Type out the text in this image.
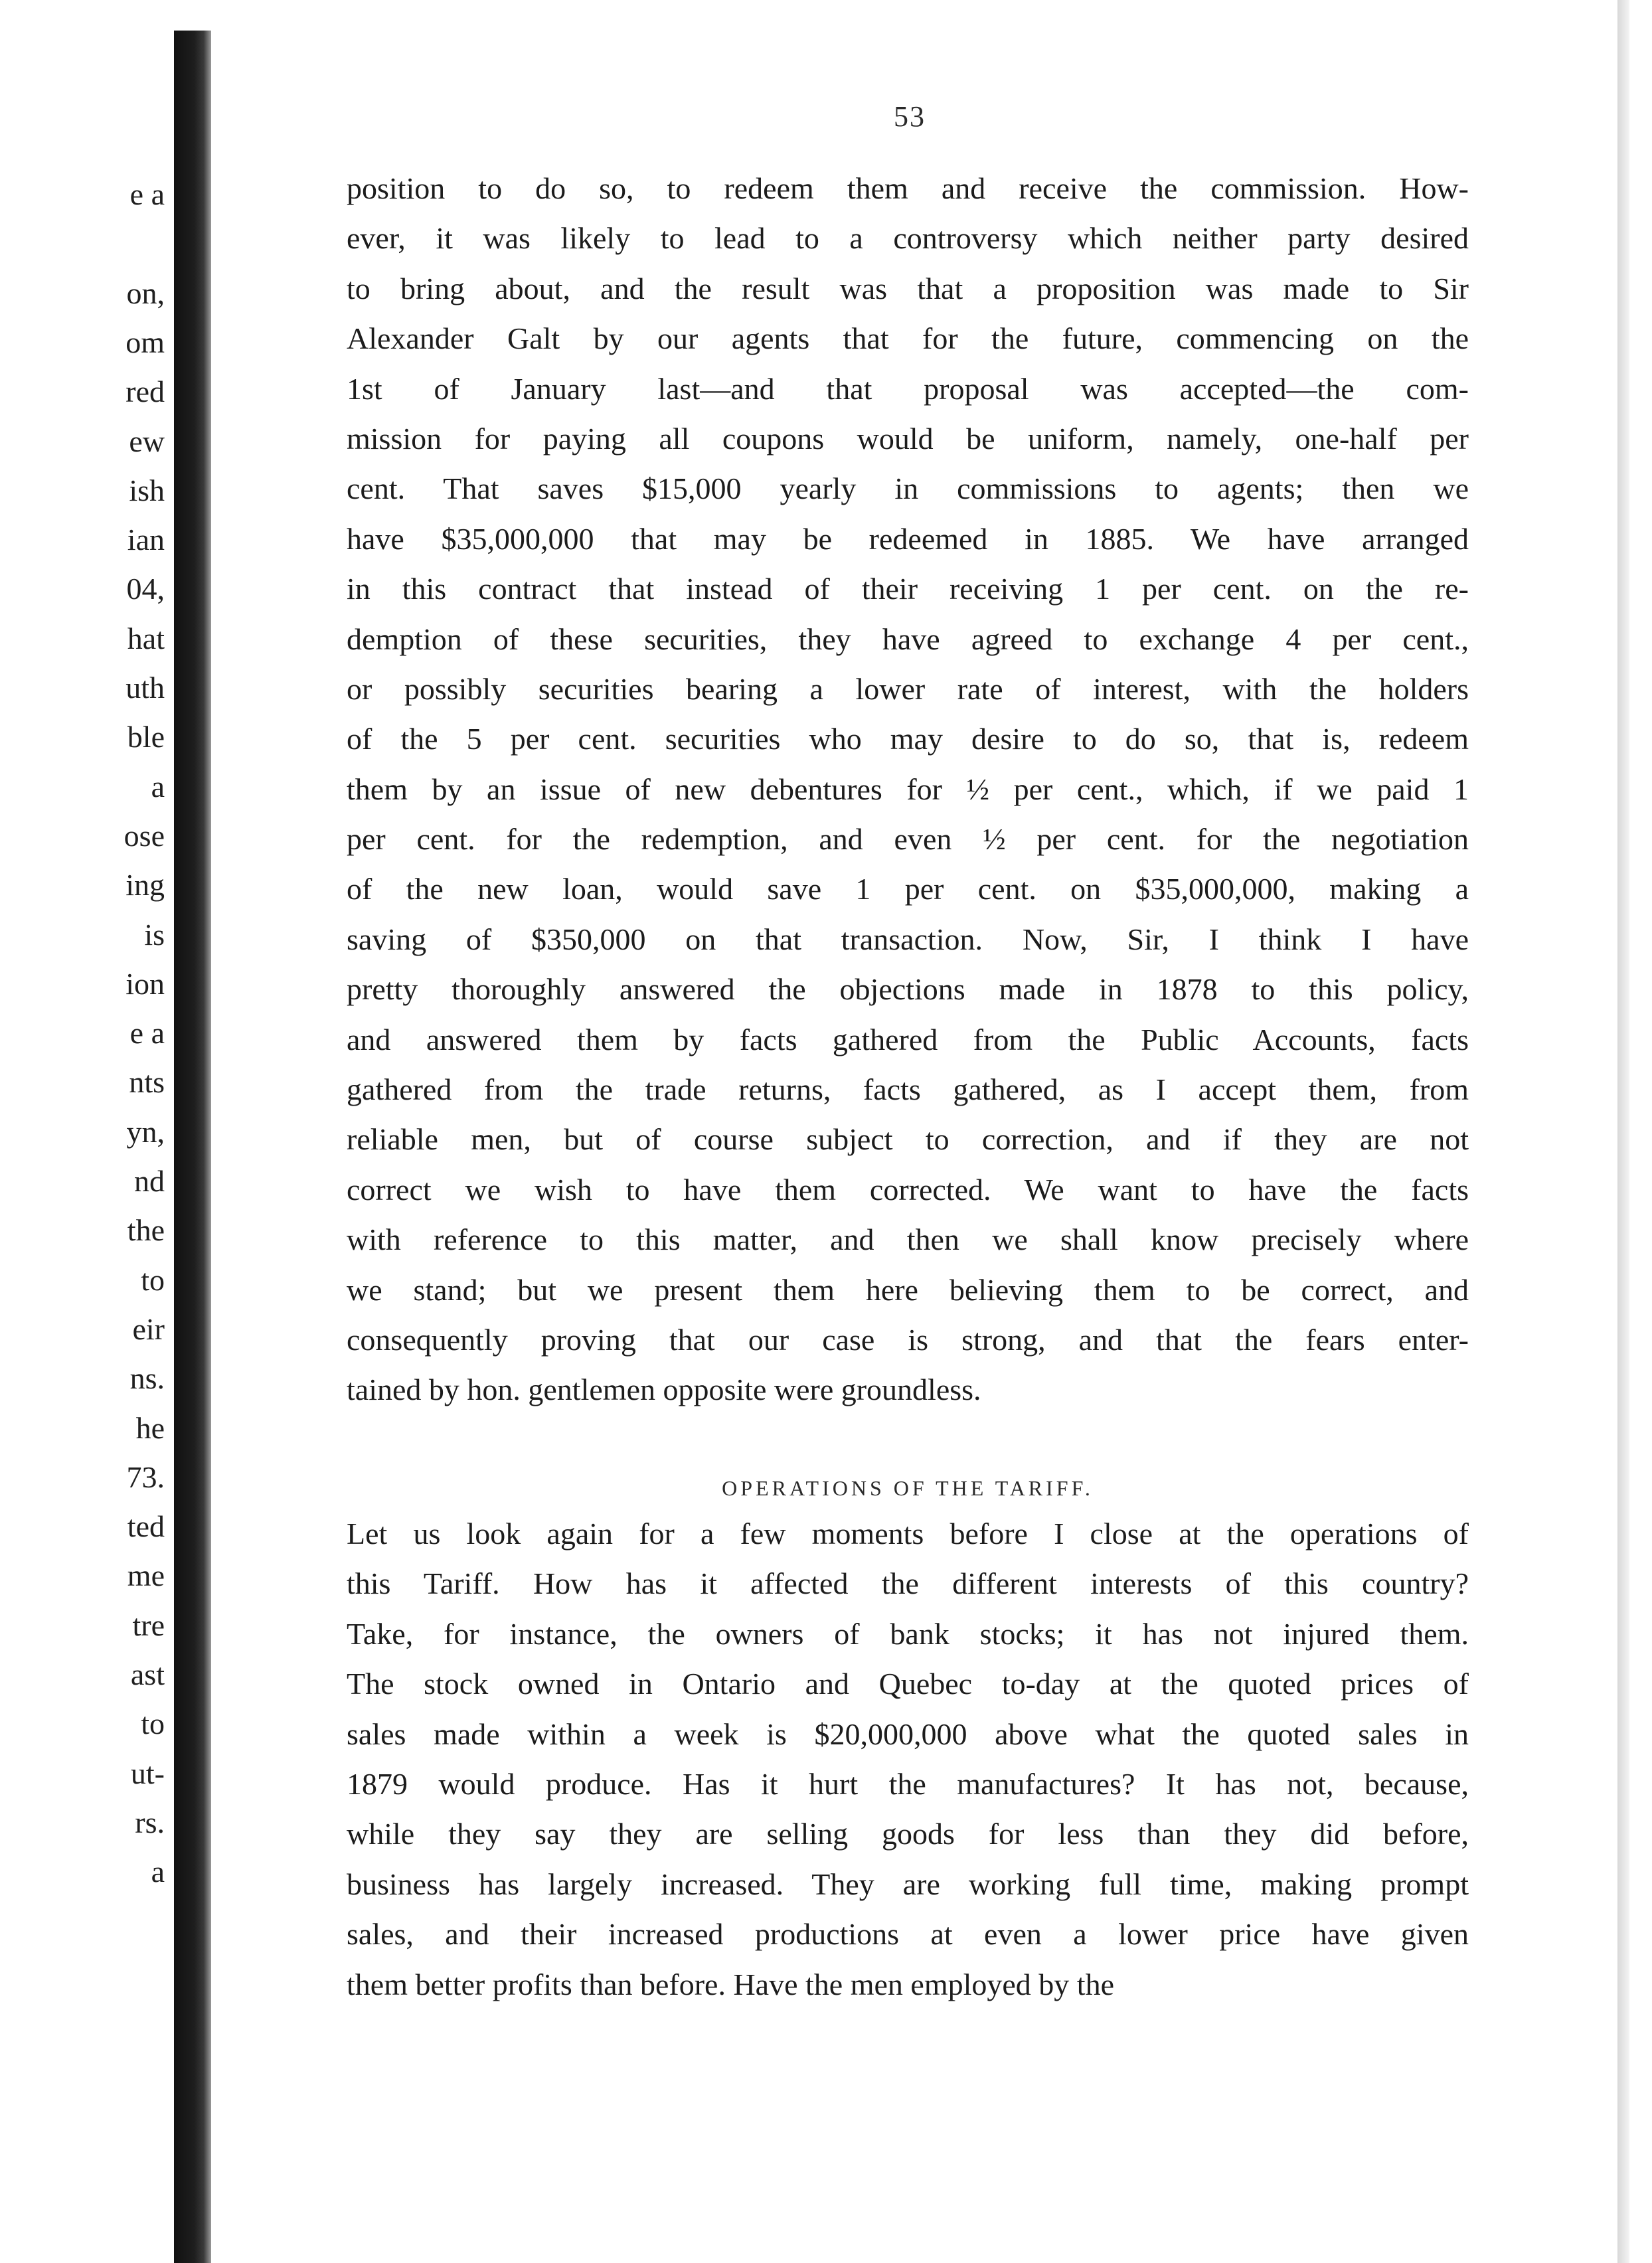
e a
on,
om
red
ew
ish
ian
04,
hat
uth
ble
a
ose
ing
is
ion
e a
nts
yn,
nd
the
to
eir
ns.
he
73.
ted
me
tre
ast
to
ut-
rs.
a
53
position to do so, to redeem them and receive the commission. How-
ever, it was likely to lead to a controversy which neither party desired
to bring about, and the result was that a proposition was made to Sir
Alexander Galt by our agents that for the future, commencing on the
1st of January last—and that proposal was accepted—the com-
mission for paying all coupons would be uniform, namely, one-half per
cent. That saves $15,000 yearly in commissions to agents; then we
have $35,000,000 that may be redeemed in 1885. We have arranged
in this contract that instead of their receiving 1 per cent. on the re-
demption of these securities, they have agreed to exchange 4 per cent.,
or possibly securities bearing a lower rate of interest, with the holders
of the 5 per cent. securities who may desire to do so, that is, redeem
them by an issue of new debentures for ½ per cent., which, if we paid 1
per cent. for the redemption, and even ½ per cent. for the negotiation
of the new loan, would save 1 per cent. on $35,000,000, making a
saving of $350,000 on that transaction. Now, Sir, I think I have
pretty thoroughly answered the objections made in 1878 to this policy,
and answered them by facts gathered from the Public Accounts, facts
gathered from the trade returns, facts gathered, as I accept them, from
reliable men, but of course subject to correction, and if they are not
correct we wish to have them corrected. We want to have the facts
with reference to this matter, and then we shall know precisely where
we stand; but we present them here believing them to be correct, and
consequently proving that our case is strong, and that the fears enter-
tained by hon. gentlemen opposite were groundless.
OPERATIONS OF THE TARIFF.
Let us look again for a few moments before I close at the operations of
this Tariff. How has it affected the different interests of this country?
Take, for instance, the owners of bank stocks; it has not injured them.
The stock owned in Ontario and Quebec to-day at the quoted prices of
sales made within a week is $20,000,000 above what the quoted sales in
1879 would produce. Has it hurt the manufactures? It has not, because,
while they say they are selling goods for less than they did before,
business has largely increased. They are working full time, making prompt
sales, and their increased productions at even a lower price have given
them better profits than before. Have the men employed by the
